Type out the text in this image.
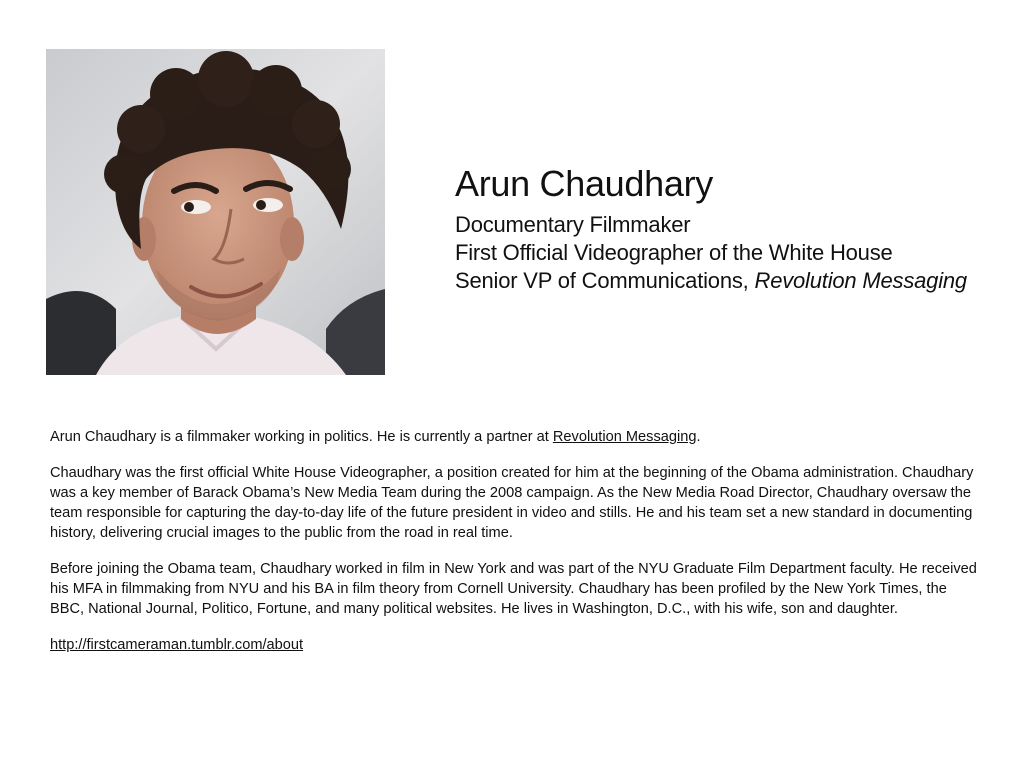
Arun Chaudhary
Documentary Filmmaker
First Official Videographer of the White House
Senior VP of Communications, Revolution Messaging

Arun Chaudhary is a filmmaker working in politics. He is currently a partner at Revolution Messaging.

Chaudhary was the first official White House Videographer, a position created for him at the beginning of the Obama administration. Chaudhary was a key member of Barack Obama’s New Media Team during the 2008 campaign. As the New Media Road Director, Chaudhary oversaw the team responsible for capturing the day-to-day life of the future president in video and stills. He and his team set a new standard in documenting history, delivering crucial images to the public from the road in real time.

Before joining the Obama team, Chaudhary worked in film in New York and was part of the NYU Graduate Film Department faculty. He received his MFA in filmmaking from NYU and his BA in film theory from Cornell University. Chaudhary has been profiled by the New York Times, the BBC, National Journal, Politico, Fortune, and many political websites. He lives in Washington, D.C., with his wife, son and daughter.

http://firstcameraman.tumblr.com/about
